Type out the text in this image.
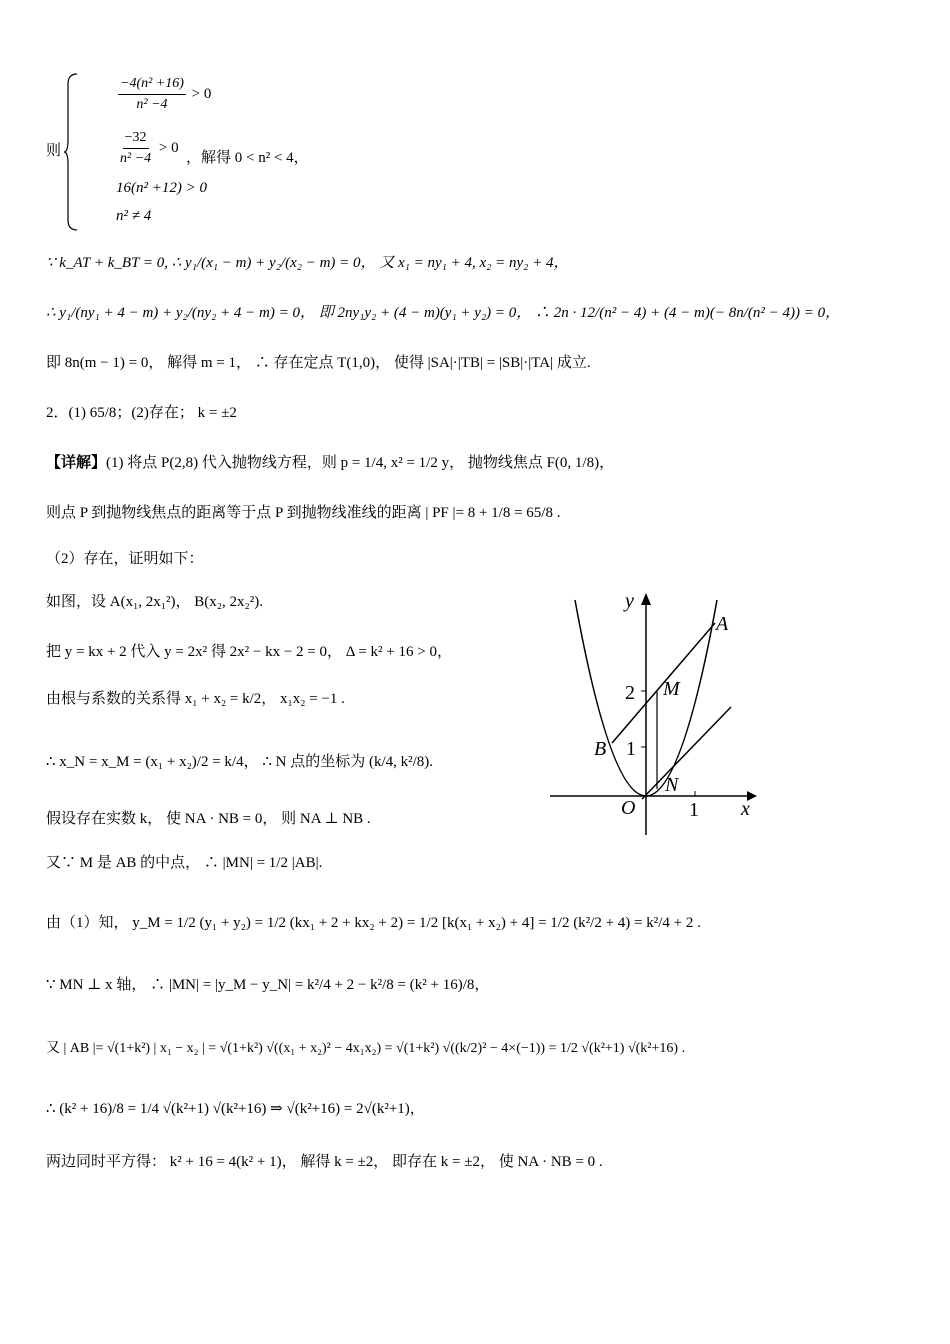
则
$\frac{\text{−4(n² +16)}}{\text{n² −4}} > 0$
$\frac{-32}{\text{n² −4}} > 0$
16(n² +12) > 0
n² ≠ 4
，解得 0 < n² < 4，
∵ k_AT + k_BT = 0, ∴ y₁/(x₁ − m) + y₂/(x₂ − m) = 0， 又 x₁ = ny₁ + 4, x₂ = ny₂ + 4，
∴ y₁/(ny₁ + 4 − m) + y₂/(ny₂ + 4 − m) = 0， 即 2ny₁y₂ + (4 − m)(y₁ + y₂) = 0， ∴ 2n · 12/(n² − 4) + (4 − m)(− 8n/(n² − 4)) = 0，
即 8n(m − 1) = 0， 解得 m = 1， ∴ 存在定点 T(1,0)， 使得 |SA|·|TB| = |SB|·|TA| 成立.
2．(1) 65/8；(2)存在； k = ±2
【详解】(1) 将点 P(2,8) 代入抛物线方程，则 p = 1/4, x² = 1/2 y， 抛物线焦点 F(0, 1/8)，
则点 P 到抛物线焦点的距离等于点 P 到抛物线准线的距离 | PF |= 8 + 1/8 = 65/8 .
（2）存在，证明如下：
如图，设 A(x₁, 2x₁²)， B(x₂, 2x₂²).
把 y = kx + 2 代入 y = 2x² 得 2x² − kx − 2 = 0， Δ = k² + 16 > 0，
由根与系数的关系得 x₁ + x₂ = k/2， x₁x₂ = −1 .
∴ x_N = x_M = (x₁ + x₂)/2 = k/4， ∴ N 点的坐标为 (k/4, k²/8).
假设存在实数 k， 使 NA · NB = 0， 则 NA ⊥ NB .
又∵ M 是 AB 的中点， ∴ |MN| = 1/2 |AB|.
由（1）知， y_M = 1/2 (y₁ + y₂) = 1/2 (kx₁ + 2 + kx₂ + 2) = 1/2 [k(x₁ + x₂) + 4] = 1/2 (k²/2 + 4) = k²/4 + 2 .
∵ MN ⊥ x 轴， ∴ |MN| = |y_M − y_N| = k²/4 + 2 − k²/8 = (k² + 16)/8，
又 | AB |= √(1+k²) | x₁ − x₂ | = √(1+k²) √((x₁ + x₂)² − 4x₁x₂) = √(1+k²) √((k/2)² − 4×(−1)) = 1/2 √(k²+1) √(k²+16) .
∴ (k² + 16)/8 = 1/4 √(k²+1) √(k²+16) ⇒ √(k²+16) = 2√(k²+1)，
两边同时平方得： k² + 16 = 4(k² + 1)， 解得 k = ±2， 即存在 k = ±2， 使 NA · NB = 0 .
y
x
O
A
B
M
N
1
1
2
